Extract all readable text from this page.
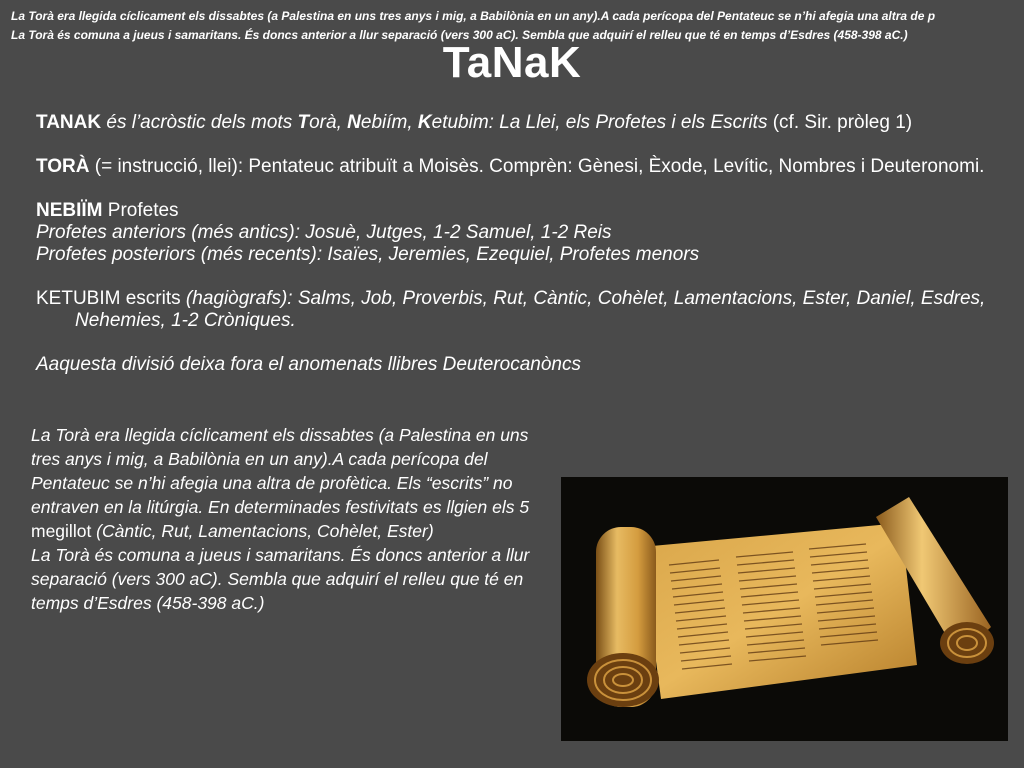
La Torà era llegida cíclicament els dissabtes (a Palestina en uns tres anys i mig, a Babilònia en un any).A cada perícopa del Pentateuc se n’hi afegia una altra de p
La Torà és comuna a jueus i samaritans. És doncs anterior a llur separació (vers 300 aC). Sembla que adquirí el relleu que té en temps d’Esdres (458-398 aC.)
TaNaK

TANAK és l’acròstic dels mots Torà, Nebiím, Ketubim: La Llei, els Profetes i els Escrits (cf. Sir. pròleg 1)

TORÀ (= instrucció, llei): Pentateuc atribuït a Moisès. Comprèn: Gènesi, Èxode, Levític, Nombres i Deuteronomi.

NEBIÏM Profetes

Profetes anteriors (més antics): Josuè, Jutges, 1-2 Samuel, 1-2 Reis

Profetes posteriors (més recents): Isaïes, Jeremies, Ezequiel, Profetes menors

KETUBIM escrits (hagiògrafs): Salms, Job, Proverbis, Rut, Càntic, Cohèlet, Lamentacions, Ester, Daniel, Esdres, Nehemies, 1-2 Cròniques.

Aaquesta divisió deixa fora el anomenats llibres Deuterocanòncs

La Torà era llegida cíclicament els dissabtes (a Palestina en uns tres anys i mig, a Babilònia en un any).A cada perícopa del Pentateuc se n’hi afegia una altra de profètica. Els “escrits” no entraven en la litúrgia. En determinades festivitats es llgien els 5 megillot (Càntic, Rut, Lamentacions, Cohèlet, Ester)
La Torà és comuna a jueus i samaritans. És doncs anterior a llur separació (vers 300 aC). Sembla que adquirí el relleu que té en temps d’Esdres (458-398 aC.)
